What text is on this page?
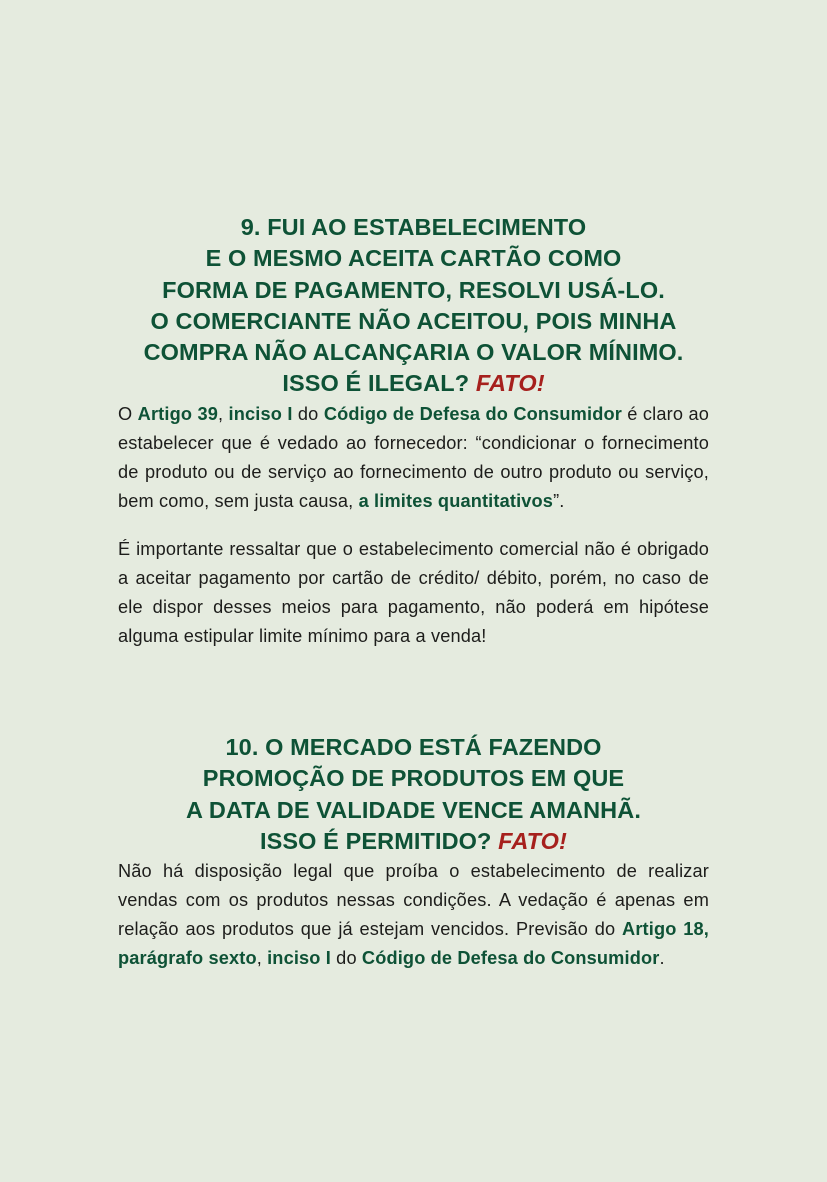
9. FUI AO ESTABELECIMENTO
E O MESMO ACEITA CARTÃO COMO
FORMA DE PAGAMENTO, RESOLVI USÁ-LO.
O COMERCIANTE NÃO ACEITOU, POIS MINHA
COMPRA NÃO ALCANÇARIA O VALOR MÍNIMO.
ISSO É ILEGAL? FATO!

O Artigo 39, inciso I do Código de Defesa do Consumidor é claro ao estabelecer que é vedado ao fornecedor: “condicionar o fornecimento de produto ou de serviço ao fornecimento de outro produto ou serviço, bem como, sem justa causa, a limites quantitativos”.

É importante ressaltar que o estabelecimento comercial não é obrigado a aceitar pagamento por cartão de crédito/ débito, porém, no caso de ele dispor desses meios para pagamento, não poderá em hipótese alguma estipular limite mínimo para a venda!

10. O MERCADO ESTÁ FAZENDO
PROMOÇÃO DE PRODUTOS EM QUE
A DATA DE VALIDADE VENCE AMANHÃ.
ISSO É PERMITIDO? FATO!

Não há disposição legal que proíba o estabelecimento de realizar vendas com os produtos nessas condições. A vedação é apenas em relação aos produtos que já estejam vencidos. Previsão do Artigo 18, parágrafo sexto, inciso I do Código de Defesa do Consumidor.
